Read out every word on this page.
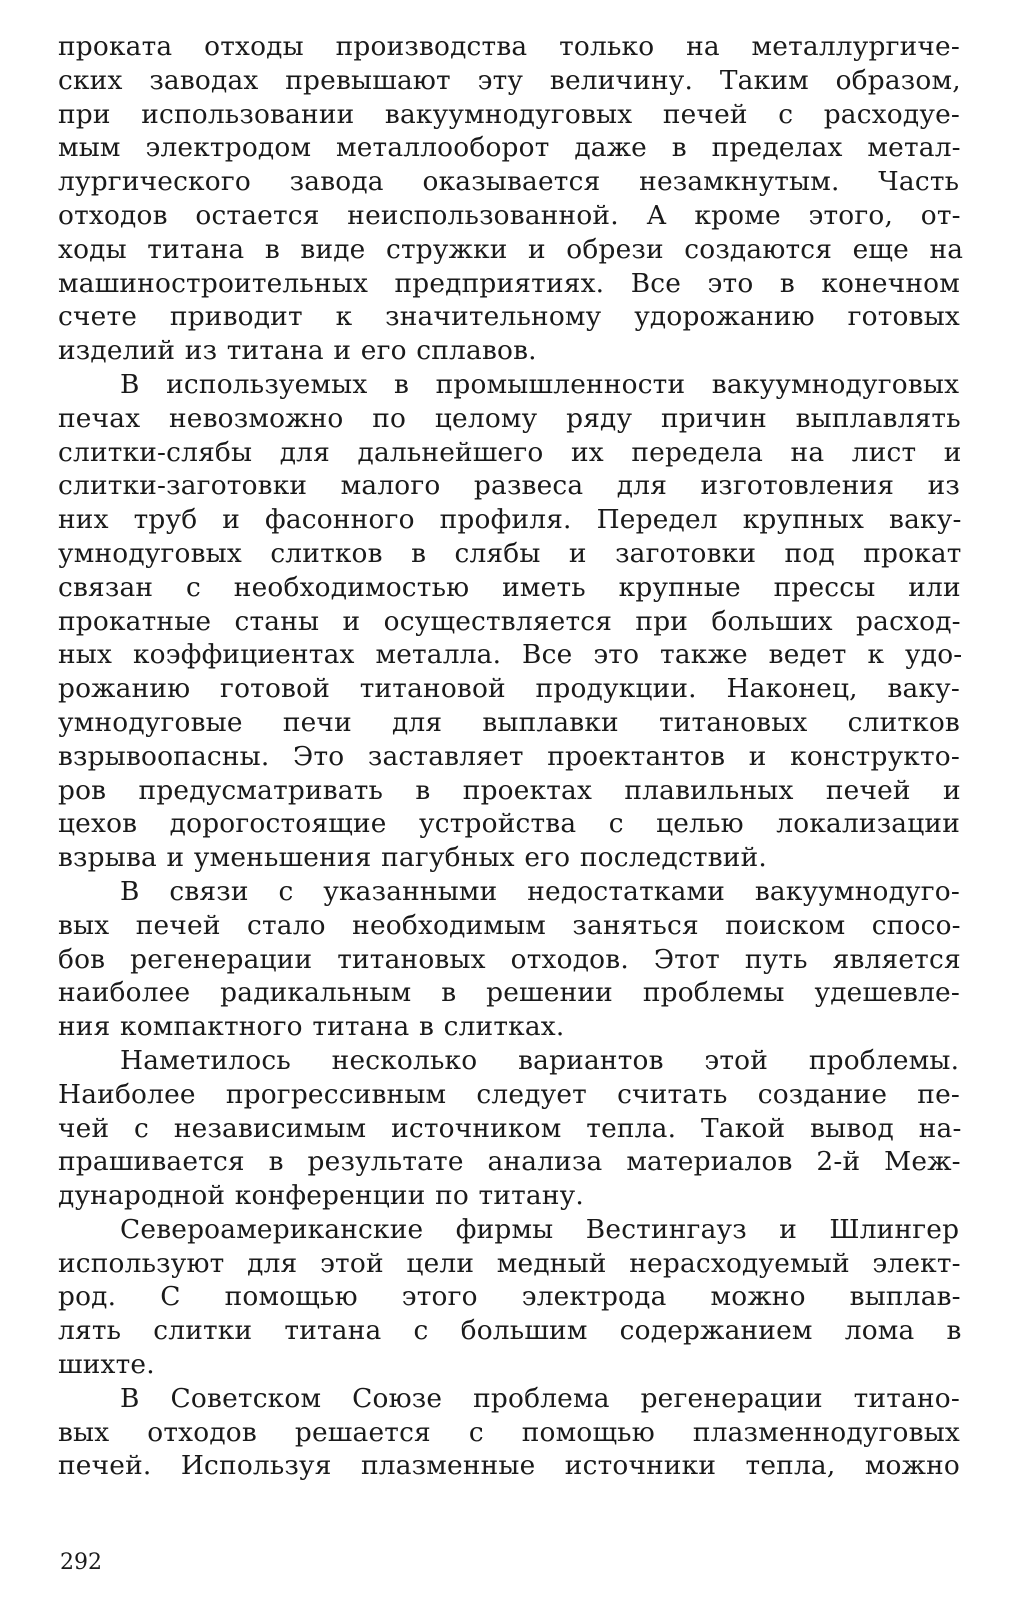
проката отходы производства только на металлургиче-
ских заводах превышают эту величину. Таким образом,
при использовании вакуумнодуговых печей с расходуе-
мым электродом металлооборот даже в пределах метал-
лургического завода оказывается незамкнутым. Часть
отходов остается неиспользованной. А кроме этого, от-
ходы титана в виде стружки и обрези создаются еще на
машиностроительных предприятиях. Все это в конечном
счете приводит к значительному удорожанию готовых
изделий из титана и его сплавов.

В используемых в промышленности вакуумнодуговых
печах невозможно по целому ряду причин выплавлять
слитки-слябы для дальнейшего их передела на лист и
слитки-заготовки малого развеса для изготовления из
них труб и фасонного профиля. Передел крупных ваку-
умнодуговых слитков в слябы и заготовки под прокат
связан с необходимостью иметь крупные прессы или
прокатные станы и осуществляется при больших расход-
ных коэффициентах металла. Все это также ведет к удо-
рожанию готовой титановой продукции. Наконец, ваку-
умнодуговые печи для выплавки титановых слитков
взрывоопасны. Это заставляет проектантов и конструкто-
ров предусматривать в проектах плавильных печей и
цехов дорогостоящие устройства с целью локализации
взрыва и уменьшения пагубных его последствий.

В связи с указанными недостатками вакуумнодуго-
вых печей стало необходимым заняться поиском спосо-
бов регенерации титановых отходов. Этот путь является
наиболее радикальным в решении проблемы удешевле-
ния компактного титана в слитках.

Наметилось несколько вариантов этой проблемы.
Наиболее прогрессивным следует считать создание пе-
чей с независимым источником тепла. Такой вывод на-
прашивается в результате анализа материалов 2-й Меж-
дународной конференции по титану.

Североамериканские фирмы Вестингауз и Шлингер
используют для этой цели медный нерасходуемый элект-
род. С помощью этого электрода можно выплав-
лять слитки титана с большим содержанием лома в
шихте.

В Советском Союзе проблема регенерации титано-
вых отходов решается с помощью плазменнодуговых
печей. Используя плазменные источники тепла, можно

292
